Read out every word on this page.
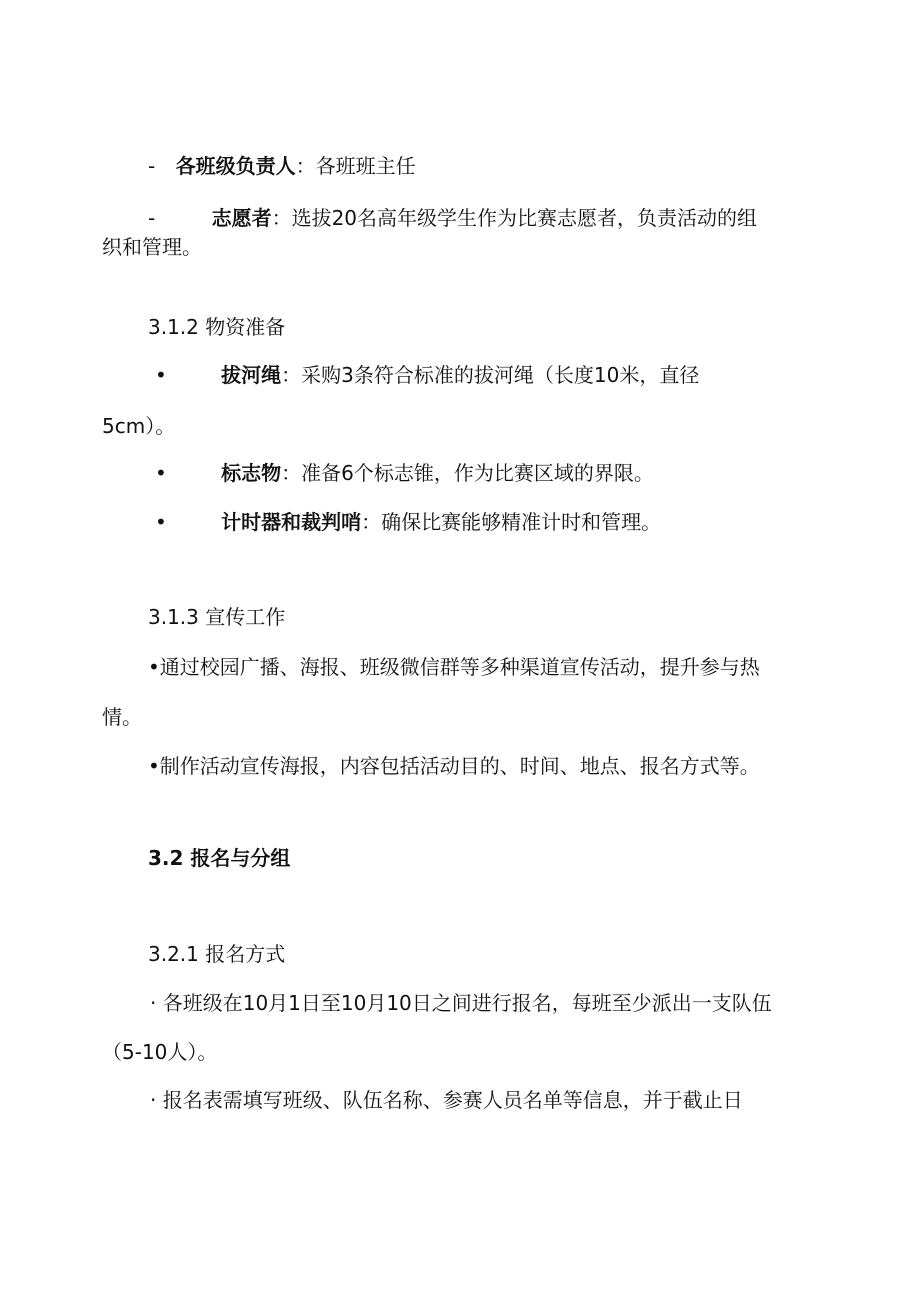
- 各班级负责人：各班班主任
-	志愿者：选拔20名高年级学生作为比赛志愿者，负责活动的组
织和管理。
3.1.2 物资准备
•	拔河绳：采购3条符合标准的拔河绳（长度10米，直径
5cm）。
•	标志物：准备6个标志锥，作为比赛区域的界限。
•	计时器和裁判哨：确保比赛能够精准计时和管理。
3.1.3 宣传工作
•通过校园广播、海报、班级微信群等多种渠道宣传活动，提升参与热
情。
•制作活动宣传海报，内容包括活动目的、时间、地点、报名方式等。
3.2 报名与分组
3.2.1 报名方式
· 各班级在10月1日至10月10日之间进行报名，每班至少派出一支队伍
（5-10人）。
· 报名表需填写班级、队伍名称、参赛人员名单等信息，并于截止日
